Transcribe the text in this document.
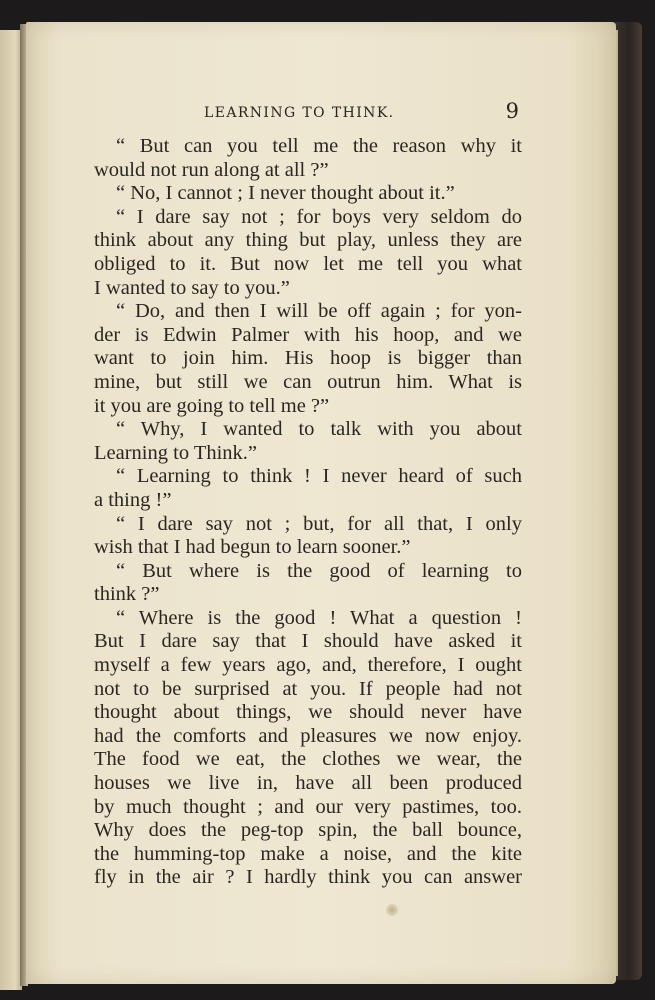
LEARNING TO THINK.	9
“ But can you tell me the reason why it
would not run along at all ?”
“ No, I cannot ; I never thought about it.”
“ I dare say not ; for boys very seldom do
think about any thing but play, unless they are
obliged to it. But now let me tell you what
I wanted to say to you.”
“ Do, and then I will be off again ; for yon-
der is Edwin Palmer with his hoop, and we
want to join him. His hoop is bigger than
mine, but still we can outrun him. What is
it you are going to tell me ?”
“ Why, I wanted to talk with you about
Learning to Think.”
“ Learning to think ! I never heard of such
a thing !”
“ I dare say not ; but, for all that, I only
wish that I had begun to learn sooner.”
“ But where is the good of learning to
think ?”
“ Where is the good ! What a question !
But I dare say that I should have asked it
myself a few years ago, and, therefore, I ought
not to be surprised at you. If people had not
thought about things, we should never have
had the comforts and pleasures we now enjoy.
The food we eat, the clothes we wear, the
houses we live in, have all been produced
by much thought ; and our very pastimes, too.
Why does the peg-top spin, the ball bounce,
the humming-top make a noise, and the kite
fly in the air ? I hardly think you can answer
